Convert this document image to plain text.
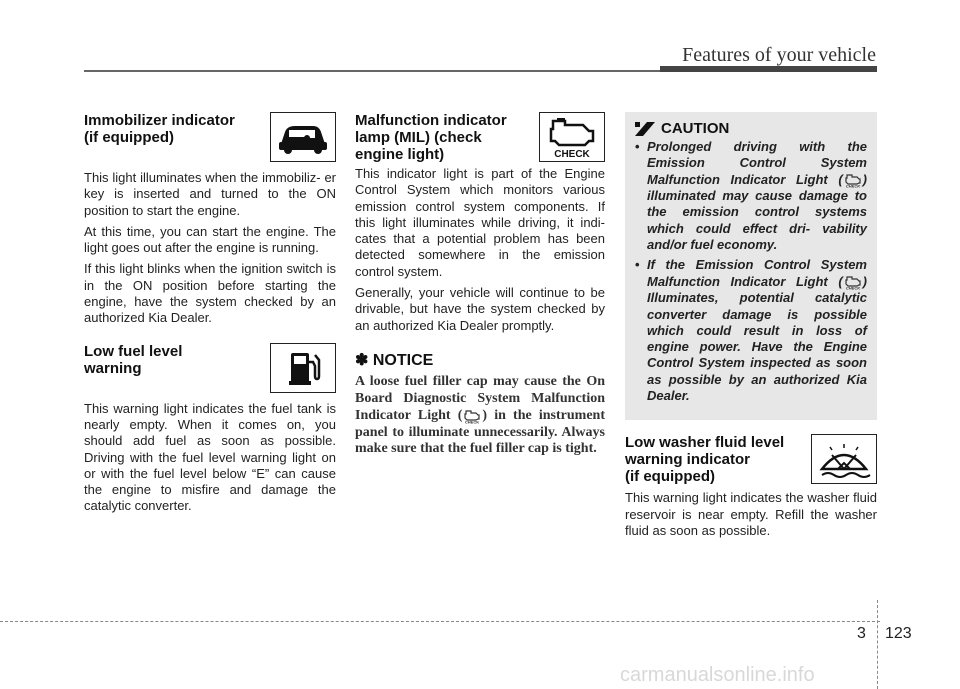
Features of your vehicle
Immobilizer indicator
(if equipped)

This light illuminates when the immobiliz- er key is inserted and turned to the ON position to start the engine.

At this time, you can start the engine. The light goes out after the engine is running.

If this light blinks when the ignition switch is in the ON position before starting the engine, have the system checked by an authorized Kia Dealer.

Low fuel level
warning

This warning light indicates the fuel tank is nearly empty. When it comes on, you should add fuel as soon as possible. Driving with the fuel level warning light on or with the fuel level below “E” can cause the engine to misfire and damage the catalytic converter.

Malfunction indicator
lamp (MIL) (check
engine light)	CHECK

This indicator light is part of the Engine Control System which monitors various emission control system components. If this light illuminates while driving, it indi- cates that a potential problem has been detected somewhere in the emission control system.

Generally, your vehicle will continue to be drivable, but have the system checked by an authorized Kia Dealer promptly.

✽ NOTICE

A loose fuel filler cap may cause the On Board Diagnostic System Malfunction Indicator Light ( CHECK ) in the instrument panel to illuminate unnecessarily. Always make sure that the fuel filler cap is tight.

CAUTION
• Prolonged driving with the Emission Control System Malfunction Indicator Light ( CHECK ) illuminated may cause damage to the emission control systems which could effect dri- vability and/or fuel economy.
• If the Emission Control System Malfunction Indicator Light ( CHECK ) Illuminates, potential catalytic converter damage is possible which could result in loss of engine power. Have the Engine Control System inspected as soon as possible by an authorized Kia Dealer.
Low washer fluid level
warning indicator
(if equipped)

This warning light indicates the washer fluid reservoir is near empty. Refill the washer fluid as soon as possible.

3 123
carmanualsonline.info
